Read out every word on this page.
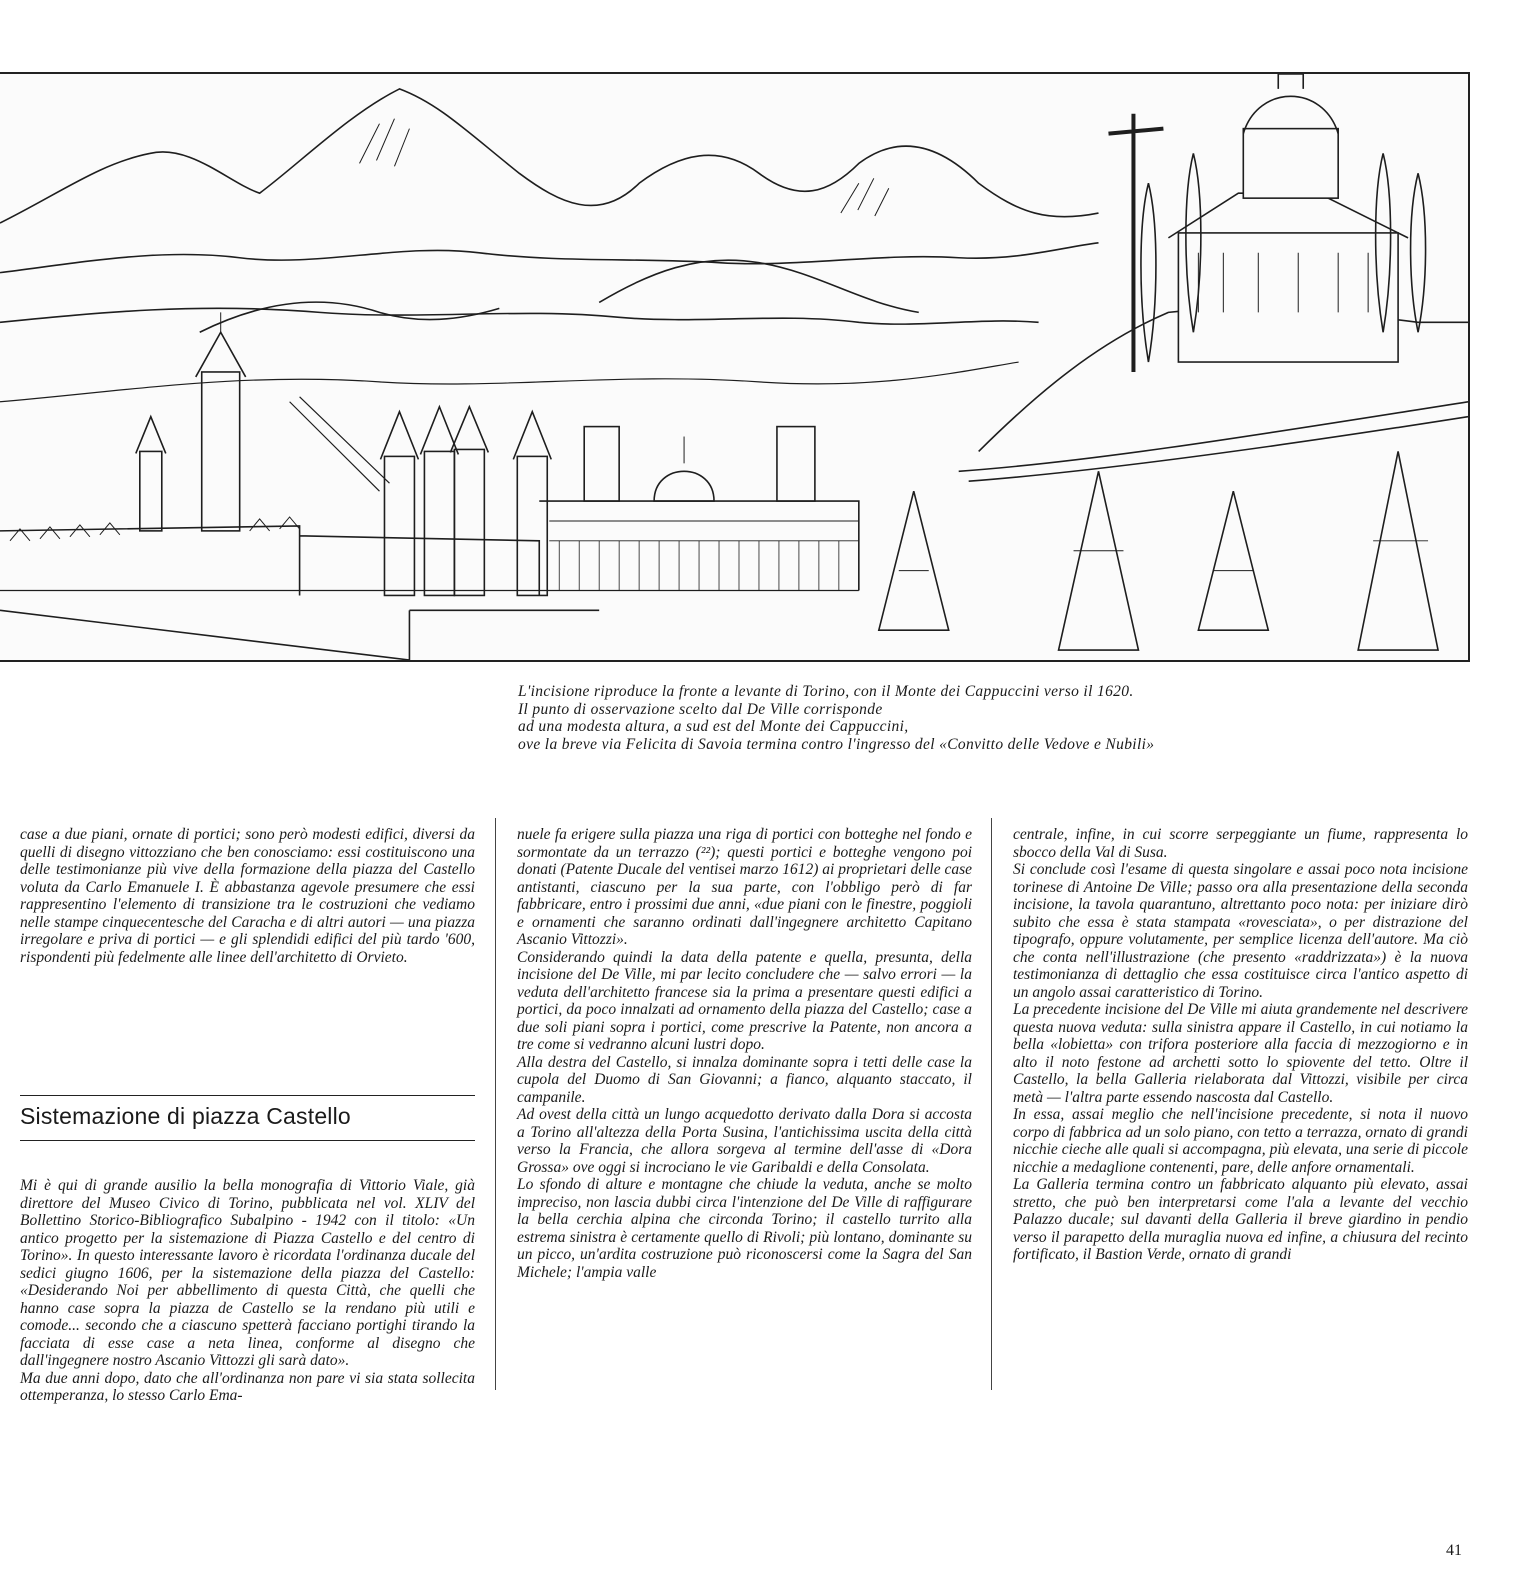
L'incisione riproduce la fronte a levante di Torino, con il Monte dei Cappuccini verso il 1620.
Il punto di osservazione scelto dal De Ville corrisponde
ad una modesta altura, a sud est del Monte dei Cappuccini,
ove la breve via Felicita di Savoia termina contro l'ingresso del «Convitto delle Vedove e Nubili»

case a due piani, ornate di portici; sono però modesti edifici, diversi da quelli di disegno vittozziano che ben conosciamo: essi costituiscono una delle testimonianze più vive della formazione della piazza del Castello voluta da Carlo Emanuele I. È abbastanza agevole presumere che essi rappresentino l'elemento di transizione tra le costruzioni che vediamo nelle stampe cinquecentesche del Caracha e di altri autori — una piazza irregolare e priva di portici — e gli splendidi edifici del più tardo '600, rispondenti più fedelmente alle linee dell'architetto di Orvieto.

Sistemazione di piazza Castello

Mi è qui di grande ausilio la bella monografia di Vittorio Viale, già direttore del Museo Civico di Torino, pubblicata nel vol. XLIV del Bollettino Storico-Bibliografico Subalpino - 1942 con il titolo: «Un antico progetto per la sistemazione di Piazza Castello e del centro di Torino». In questo interessante lavoro è ricordata l'ordinanza ducale del sedici giugno 1606, per la sistemazione della piazza del Castello: «Desiderando Noi per abbellimento di questa Città, che quelli che hanno case sopra la piazza de Castello se la rendano più utili e comode... secondo che a ciascuno spetterà facciano portighi tirando la facciata di esse case a neta linea, conforme al disegno che dall'ingegnere nostro Ascanio Vittozzi gli sarà dato».

Ma due anni dopo, dato che all'ordinanza non pare vi sia stata sollecita ottemperanza, lo stesso Carlo Ema-

nuele fa erigere sulla piazza una riga di portici con botteghe nel fondo e sormontate da un terrazzo (²²); questi portici e botteghe vengono poi donati (Patente Ducale del ventisei marzo 1612) ai proprietari delle case antistanti, ciascuno per la sua parte, con l'obbligo però di far fabbricare, entro i prossimi due anni, «due piani con le finestre, poggioli e ornamenti che saranno ordinati dall'ingegnere architetto Capitano Ascanio Vittozzi».

Considerando quindi la data della patente e quella, presunta, della incisione del De Ville, mi par lecito concludere che — salvo errori — la veduta dell'architetto francese sia la prima a presentare questi edifici a portici, da poco innalzati ad ornamento della piazza del Castello; case a due soli piani sopra i portici, come prescrive la Patente, non ancora a tre come si vedranno alcuni lustri dopo.

Alla destra del Castello, si innalza dominante sopra i tetti delle case la cupola del Duomo di San Giovanni; a fianco, alquanto staccato, il campanile.

Ad ovest della città un lungo acquedotto derivato dalla Dora si accosta a Torino all'altezza della Porta Susina, l'antichissima uscita della città verso la Francia, che allora sorgeva al termine dell'asse di «Dora Grossa» ove oggi si incrociano le vie Garibaldi e della Consolata.

Lo sfondo di alture e montagne che chiude la veduta, anche se molto impreciso, non lascia dubbi circa l'intenzione del De Ville di raffigurare la bella cerchia alpina che circonda Torino; il castello turrito alla estrema sinistra è certamente quello di Rivoli; più lontano, dominante su un picco, un'ardita costruzione può riconoscersi come la Sagra del San Michele; l'ampia valle

centrale, infine, in cui scorre serpeggiante un fiume, rappresenta lo sbocco della Val di Susa.

Si conclude così l'esame di questa singolare e assai poco nota incisione torinese di Antoine De Ville; passo ora alla presentazione della seconda incisione, la tavola quarantuno, altrettanto poco nota: per iniziare dirò subito che essa è stata stampata «rovesciata», o per distrazione del tipografo, oppure volutamente, per semplice licenza dell'autore. Ma ciò che conta nell'illustrazione (che presento «raddrizzata») è la nuova testimonianza di dettaglio che essa costituisce circa l'antico aspetto di un angolo assai caratteristico di Torino.

La precedente incisione del De Ville mi aiuta grandemente nel descrivere questa nuova veduta: sulla sinistra appare il Castello, in cui notiamo la bella «lobietta» con trifora posteriore alla faccia di mezzogiorno e in alto il noto festone ad archetti sotto lo spiovente del tetto. Oltre il Castello, la bella Galleria rielaborata dal Vittozzi, visibile per circa metà — l'altra parte essendo nascosta dal Castello.

In essa, assai meglio che nell'incisione precedente, si nota il nuovo corpo di fabbrica ad un solo piano, con tetto a terrazza, ornato di grandi nicchie cieche alle quali si accompagna, più elevata, una serie di piccole nicchie a medaglione contenenti, pare, delle anfore ornamentali.

La Galleria termina contro un fabbricato alquanto più elevato, assai stretto, che può ben interpretarsi come l'ala a levante del vecchio Palazzo ducale; sul davanti della Galleria il breve giardino in pendio verso il parapetto della muraglia nuova ed infine, a chiusura del recinto fortificato, il Bastion Verde, ornato di grandi

41
